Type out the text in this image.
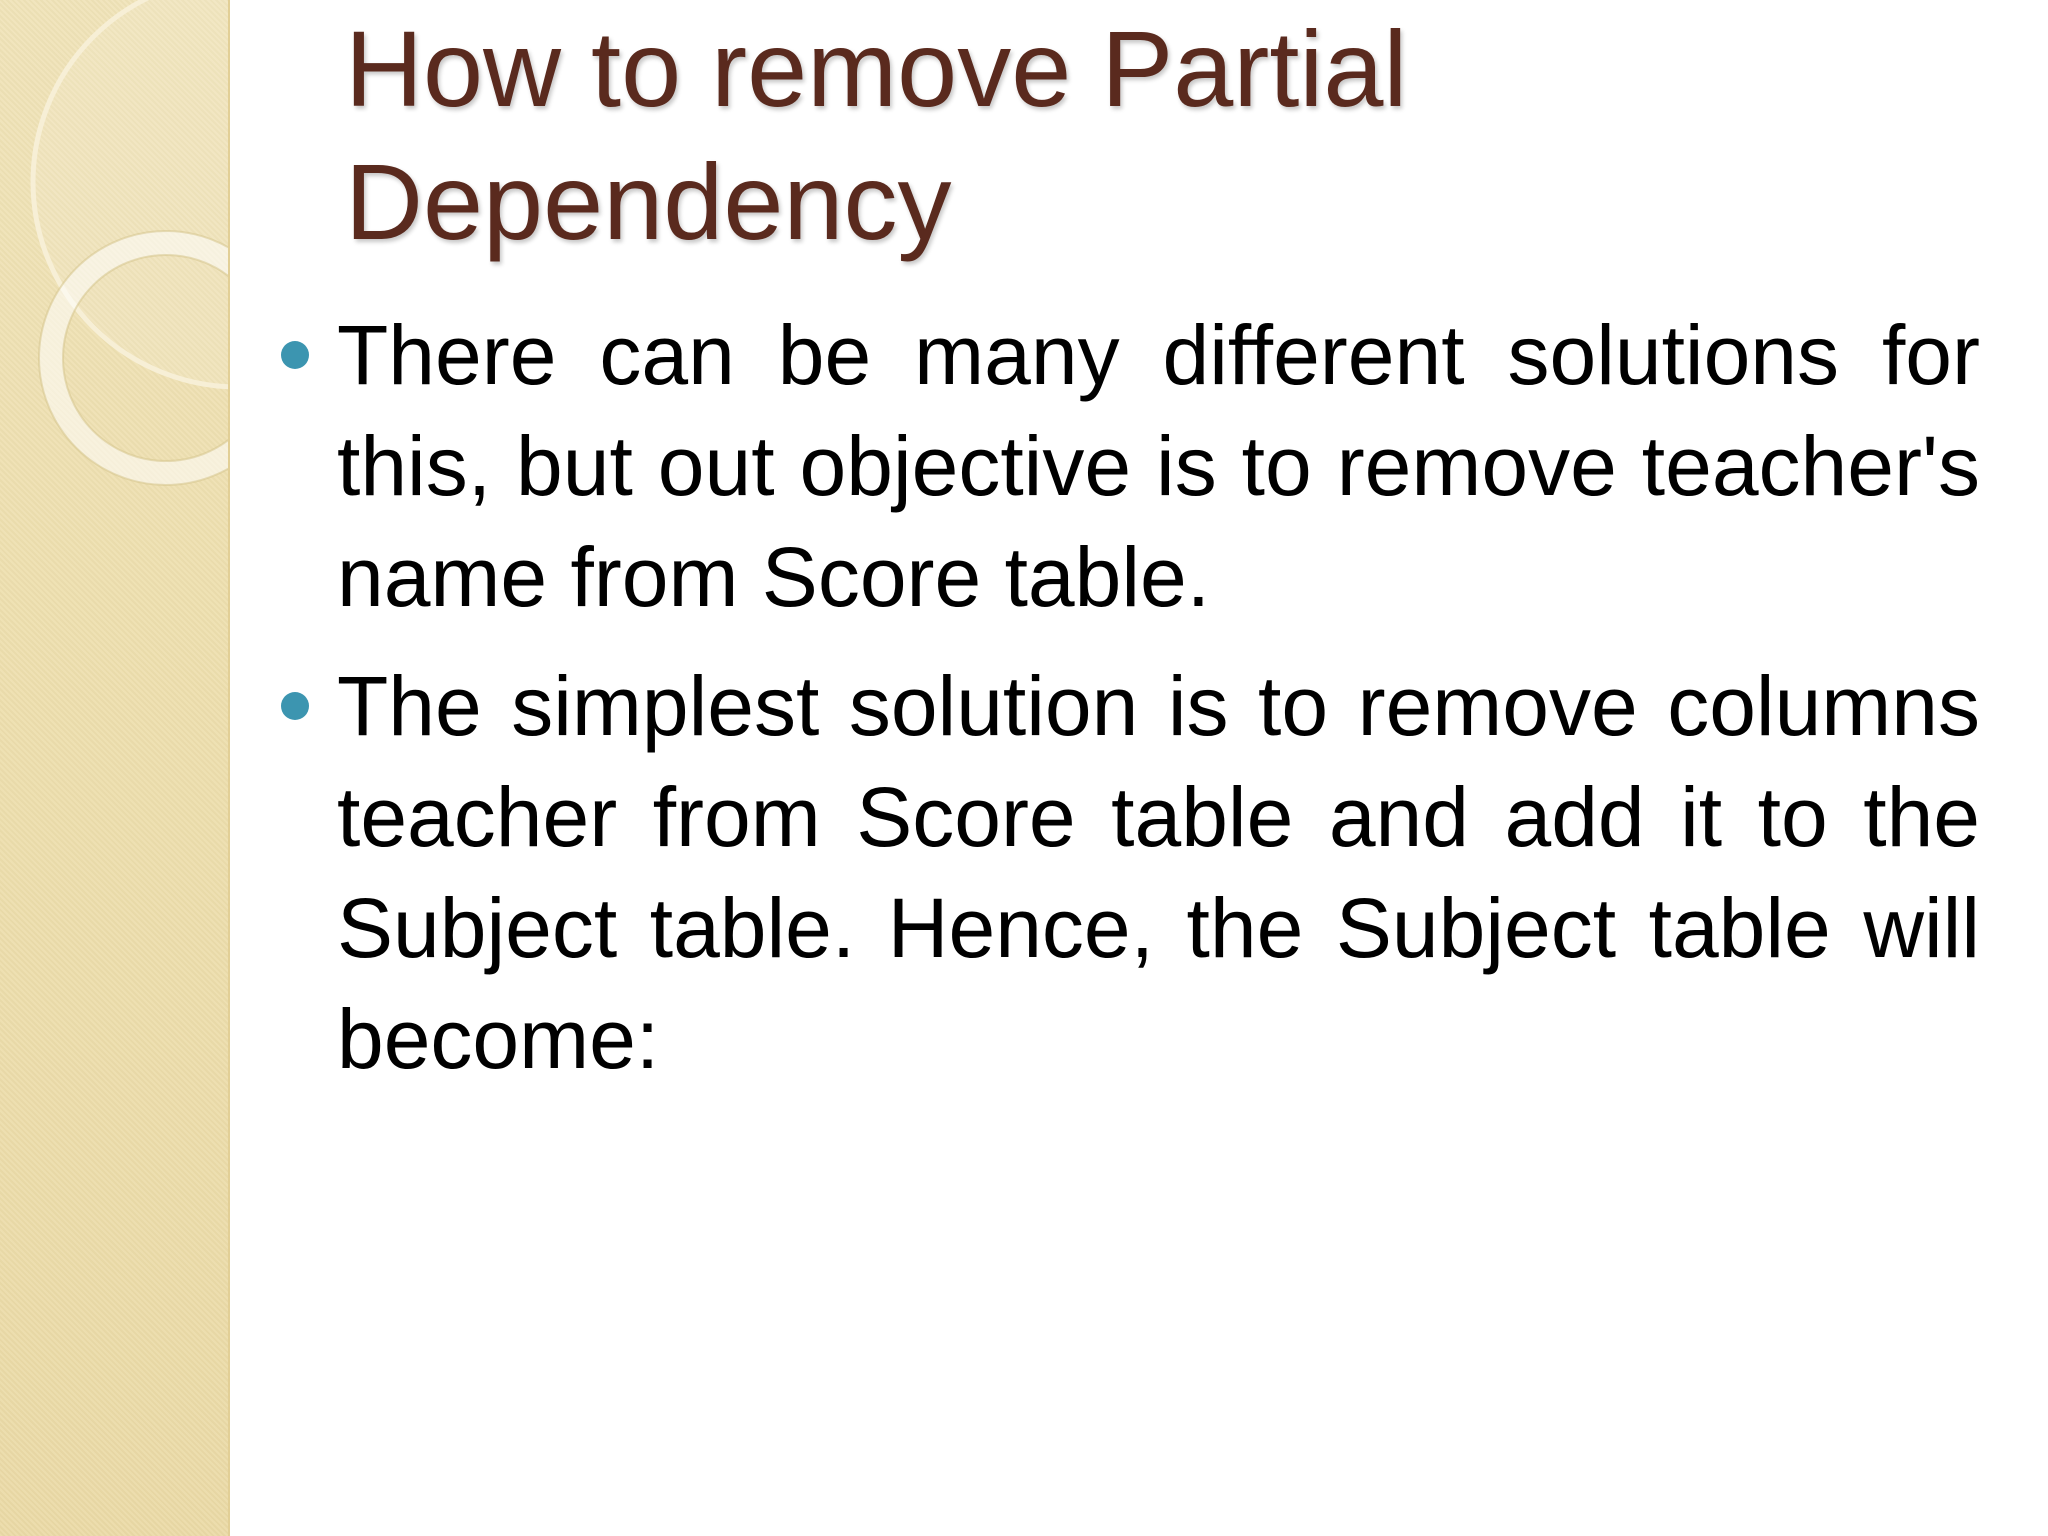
How to remove Partial Dependency
There can be many different solutions for this, but out objective is to remove teacher's name from Score table.
The simplest solution is to remove columns teacher from Score table and add it to the Subject table. Hence, the Subject table will become:
